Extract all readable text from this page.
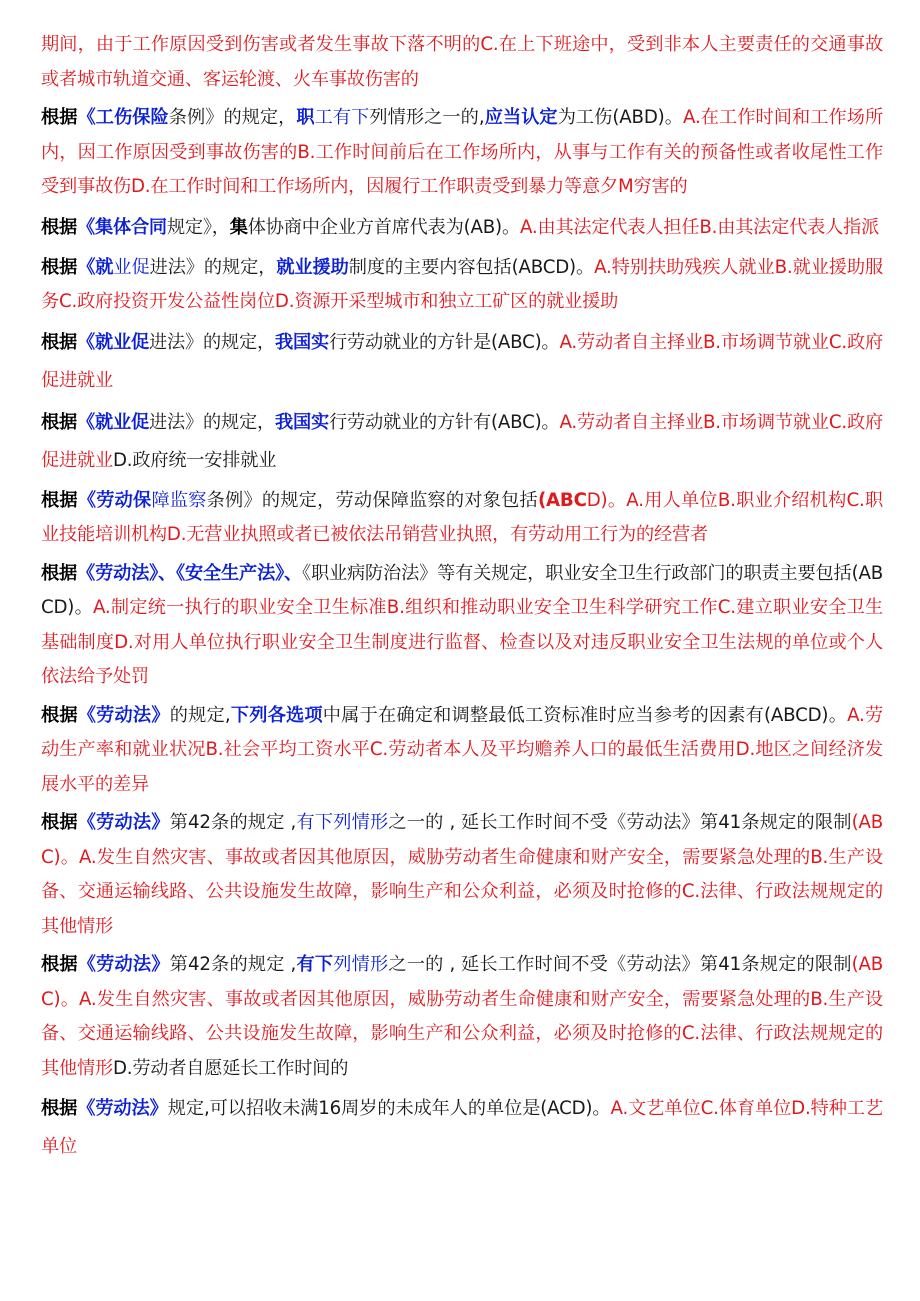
期间，由于工作原因受到伤害或者发生事故下落不明的C.在上下班途中，受到非本人主要责任的交通事故或者城市轨道交通、客运轮渡、火车事故伤害的
根据《工伤保险条例》的规定，职工有下列情形之一的,应当认定为工伤(ABD)。A.在工作时间和工作场所内，因工作原因受到事故伤害的B.工作时间前后在工作场所内，从事与工作有关的预备性或者收尾性工作受到事故伤D.在工作时间和工作场所内，因履行工作职责受到暴力等意夕M穷害的
根据《集体合同规定》，集体协商中企业方首席代表为(AB)。A.由其法定代表人担任B.由其法定代表人指派
根据《就业促进法》的规定，就业援助制度的主要内容包括(ABCD)。A.特别扶助残疾人就业B.就业援助服务C.政府投资开发公益性岗位D.资源开采型城市和独立工矿区的就业援助
根据《就业促进法》的规定，我国实行劳动就业的方针是(ABC)。A.劳动者自主择业B.市场调节就业C.政府促进就业
根据《就业促进法》的规定，我国实行劳动就业的方针有(ABC)。A.劳动者自主择业B.市场调节就业C.政府促进就业D.政府统一安排就业
根据《劳动保障监察条例》的规定，劳动保障监察的对象包括(ABCD)。A.用人单位B.职业介绍机构C.职业技能培训机构D.无营业执照或者已被依法吊销营业执照，有劳动用工行为的经营者
根据《劳动法》、《安全生产法》、《职业病防治法》等有关规定，职业安全卫生行政部门的职责主要包括(ABCD)。A.制定统一执行的职业安全卫生标准B.组织和推动职业安全卫生科学研究工作C.建立职业安全卫生基础制度D.对用人单位执行职业安全卫生制度进行监督、检查以及对违反职业安全卫生法规的单位或个人依法给予处罚
根据《劳动法》的规定,下列各选项中属于在确定和调整最低工资标准时应当参考的因素有(ABCD)。A.劳动生产率和就业状况B.社会平均工资水平C.劳动者本人及平均赡养人口的最低生活费用D.地区之间经济发展水平的差异
根据《劳动法》第42条的规定 ,有下列情形之一的 , 延长工作时间不受《劳动法》第41条规定的限制(ABC)。A.发生自然灾害、事故或者因其他原因，威胁劳动者生命健康和财产安全，需要紧急处理的B.生产设备、交通运输线路、公共设施发生故障，影响生产和公众利益，必须及时抢修的C.法律、行政法规规定的其他情形
根据《劳动法》第42条的规定 ,有下列情形之一的 , 延长工作时间不受《劳动法》第41条规定的限制(ABC)。A.发生自然灾害、事故或者因其他原因，威胁劳动者生命健康和财产安全，需要紧急处理的B.生产设备、交通运输线路、公共设施发生故障，影响生产和公众利益，必须及时抢修的C.法律、行政法规规定的其他情形D.劳动者自愿延长工作时间的
根据《劳动法》规定,可以招收未满16周岁的未成年人的单位是(ACD)。A.文艺单位C.体育单位D.特种工艺单位
